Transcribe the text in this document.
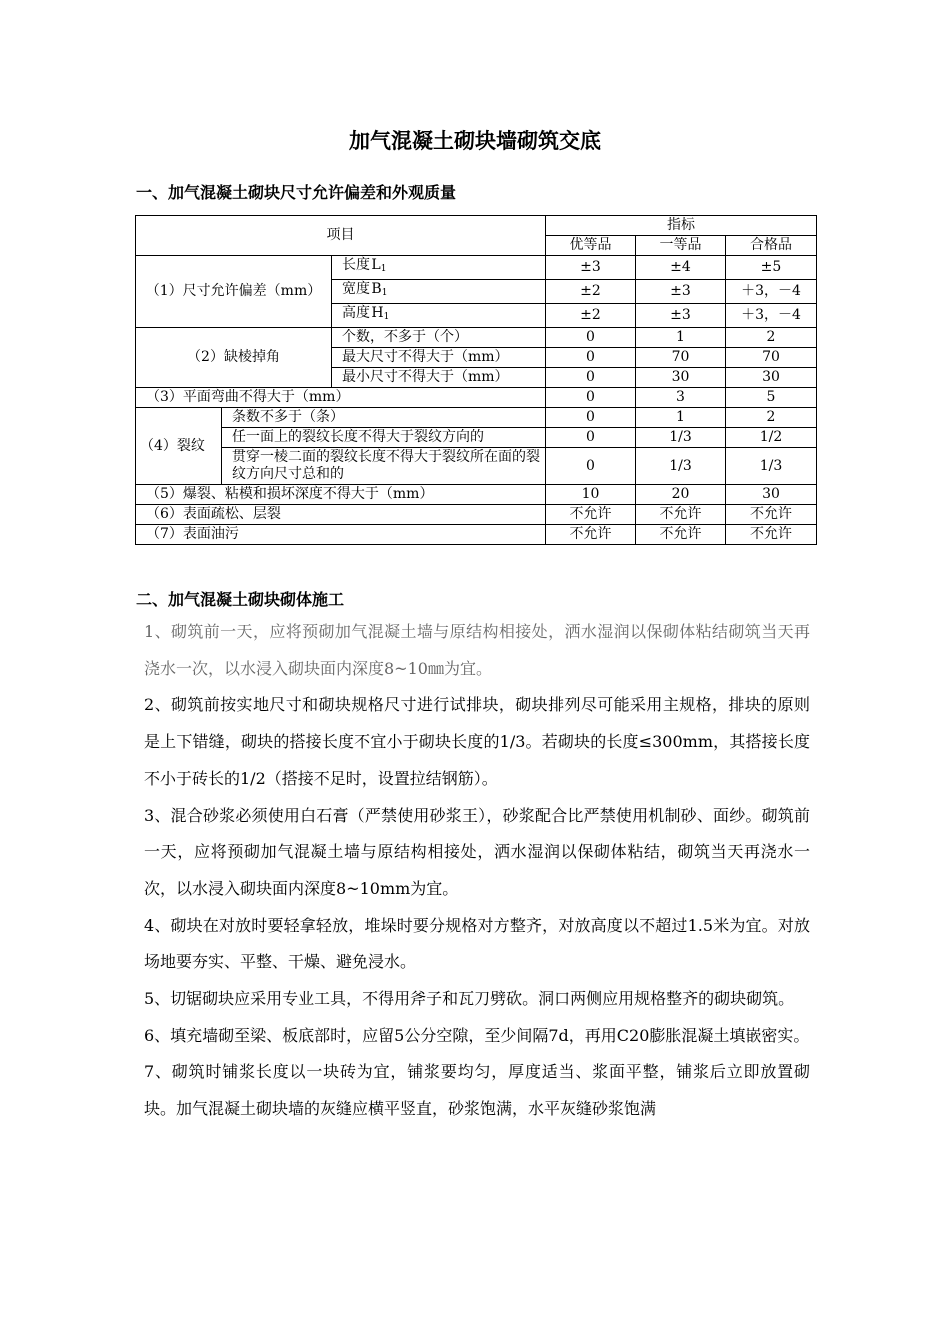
加气混凝土砌块墙砌筑交底
一、加气混凝土砌块尺寸允许偏差和外观质量
项目			指标		
			优等品	一等品	合格品
（1）尺寸允许偏差（mm）		长度 $L_1$	±3	±4	±5
		宽度 $B_1$	±2	±3	＋3，－4
		高度 $H_1$	±2	±3	＋3，－4
（2）缺棱掉角		个数，不多于（个）	0	1	2
		最大尺寸不得大于（mm）	0	70	70
		最小尺寸不得大于（mm）	0	30	30
（3）平面弯曲不得大于（mm）			0	3	5
（4）裂纹	条数不多于（条）		0	1	2
	任一面上的裂纹长度不得大于裂纹方向的		0	1/3	1/2
	贯穿一棱二面的裂纹长度不得大于裂纹所在面的裂纹方向尺寸总和的		0	1/3	1/3
（5）爆裂、粘模和损坏深度不得大于（mm）			10	20	30
（6）表面疏松、层裂			不允许	不允许	不允许
（7）表面油污			不允许	不允许	不允许
二、加气混凝土砌块砌体施工

1、砌筑前一天，应将预砌加气混凝土墙与原结构相接处，洒水湿润以保砌体粘结砌筑当天再浇水一次，以水浸入砌块面内深度8~10㎜为宜。

2、砌筑前按实地尺寸和砌块规格尺寸进行试排块，砌块排列尽可能采用主规格，排块的原则是上下错缝，砌块的搭接长度不宜小于砌块长度的1/3。若砌块的长度≤300mm，其搭接长度不小于砖长的1/2（搭接不足时，设置拉结钢筋）。

3、混合砂浆必须使用白石膏（严禁使用砂浆王），砂浆配合比严禁使用机制砂、面纱。砌筑前一天，应将预砌加气混凝土墙与原结构相接处，洒水湿润以保砌体粘结，砌筑当天再浇水一次，以水浸入砌块面内深度8~10mm为宜。

4、砌块在对放时要轻拿轻放，堆垛时要分规格对方整齐，对放高度以不超过1.5米为宜。对放场地要夯实、平整、干燥、避免浸水。

5、切锯砌块应采用专业工具，不得用斧子和瓦刀劈砍。洞口两侧应用规格整齐的砌块砌筑。

6、填充墙砌至梁、板底部时，应留5公分空隙，至少间隔7d，再用C20膨胀混凝土填嵌密实。

7、砌筑时铺浆长度以一块砖为宜，铺浆要均匀，厚度适当、浆面平整，铺浆后立即放置砌块。加气混凝土砌块墙的灰缝应横平竖直，砂浆饱满，水平灰缝砂浆饱满
